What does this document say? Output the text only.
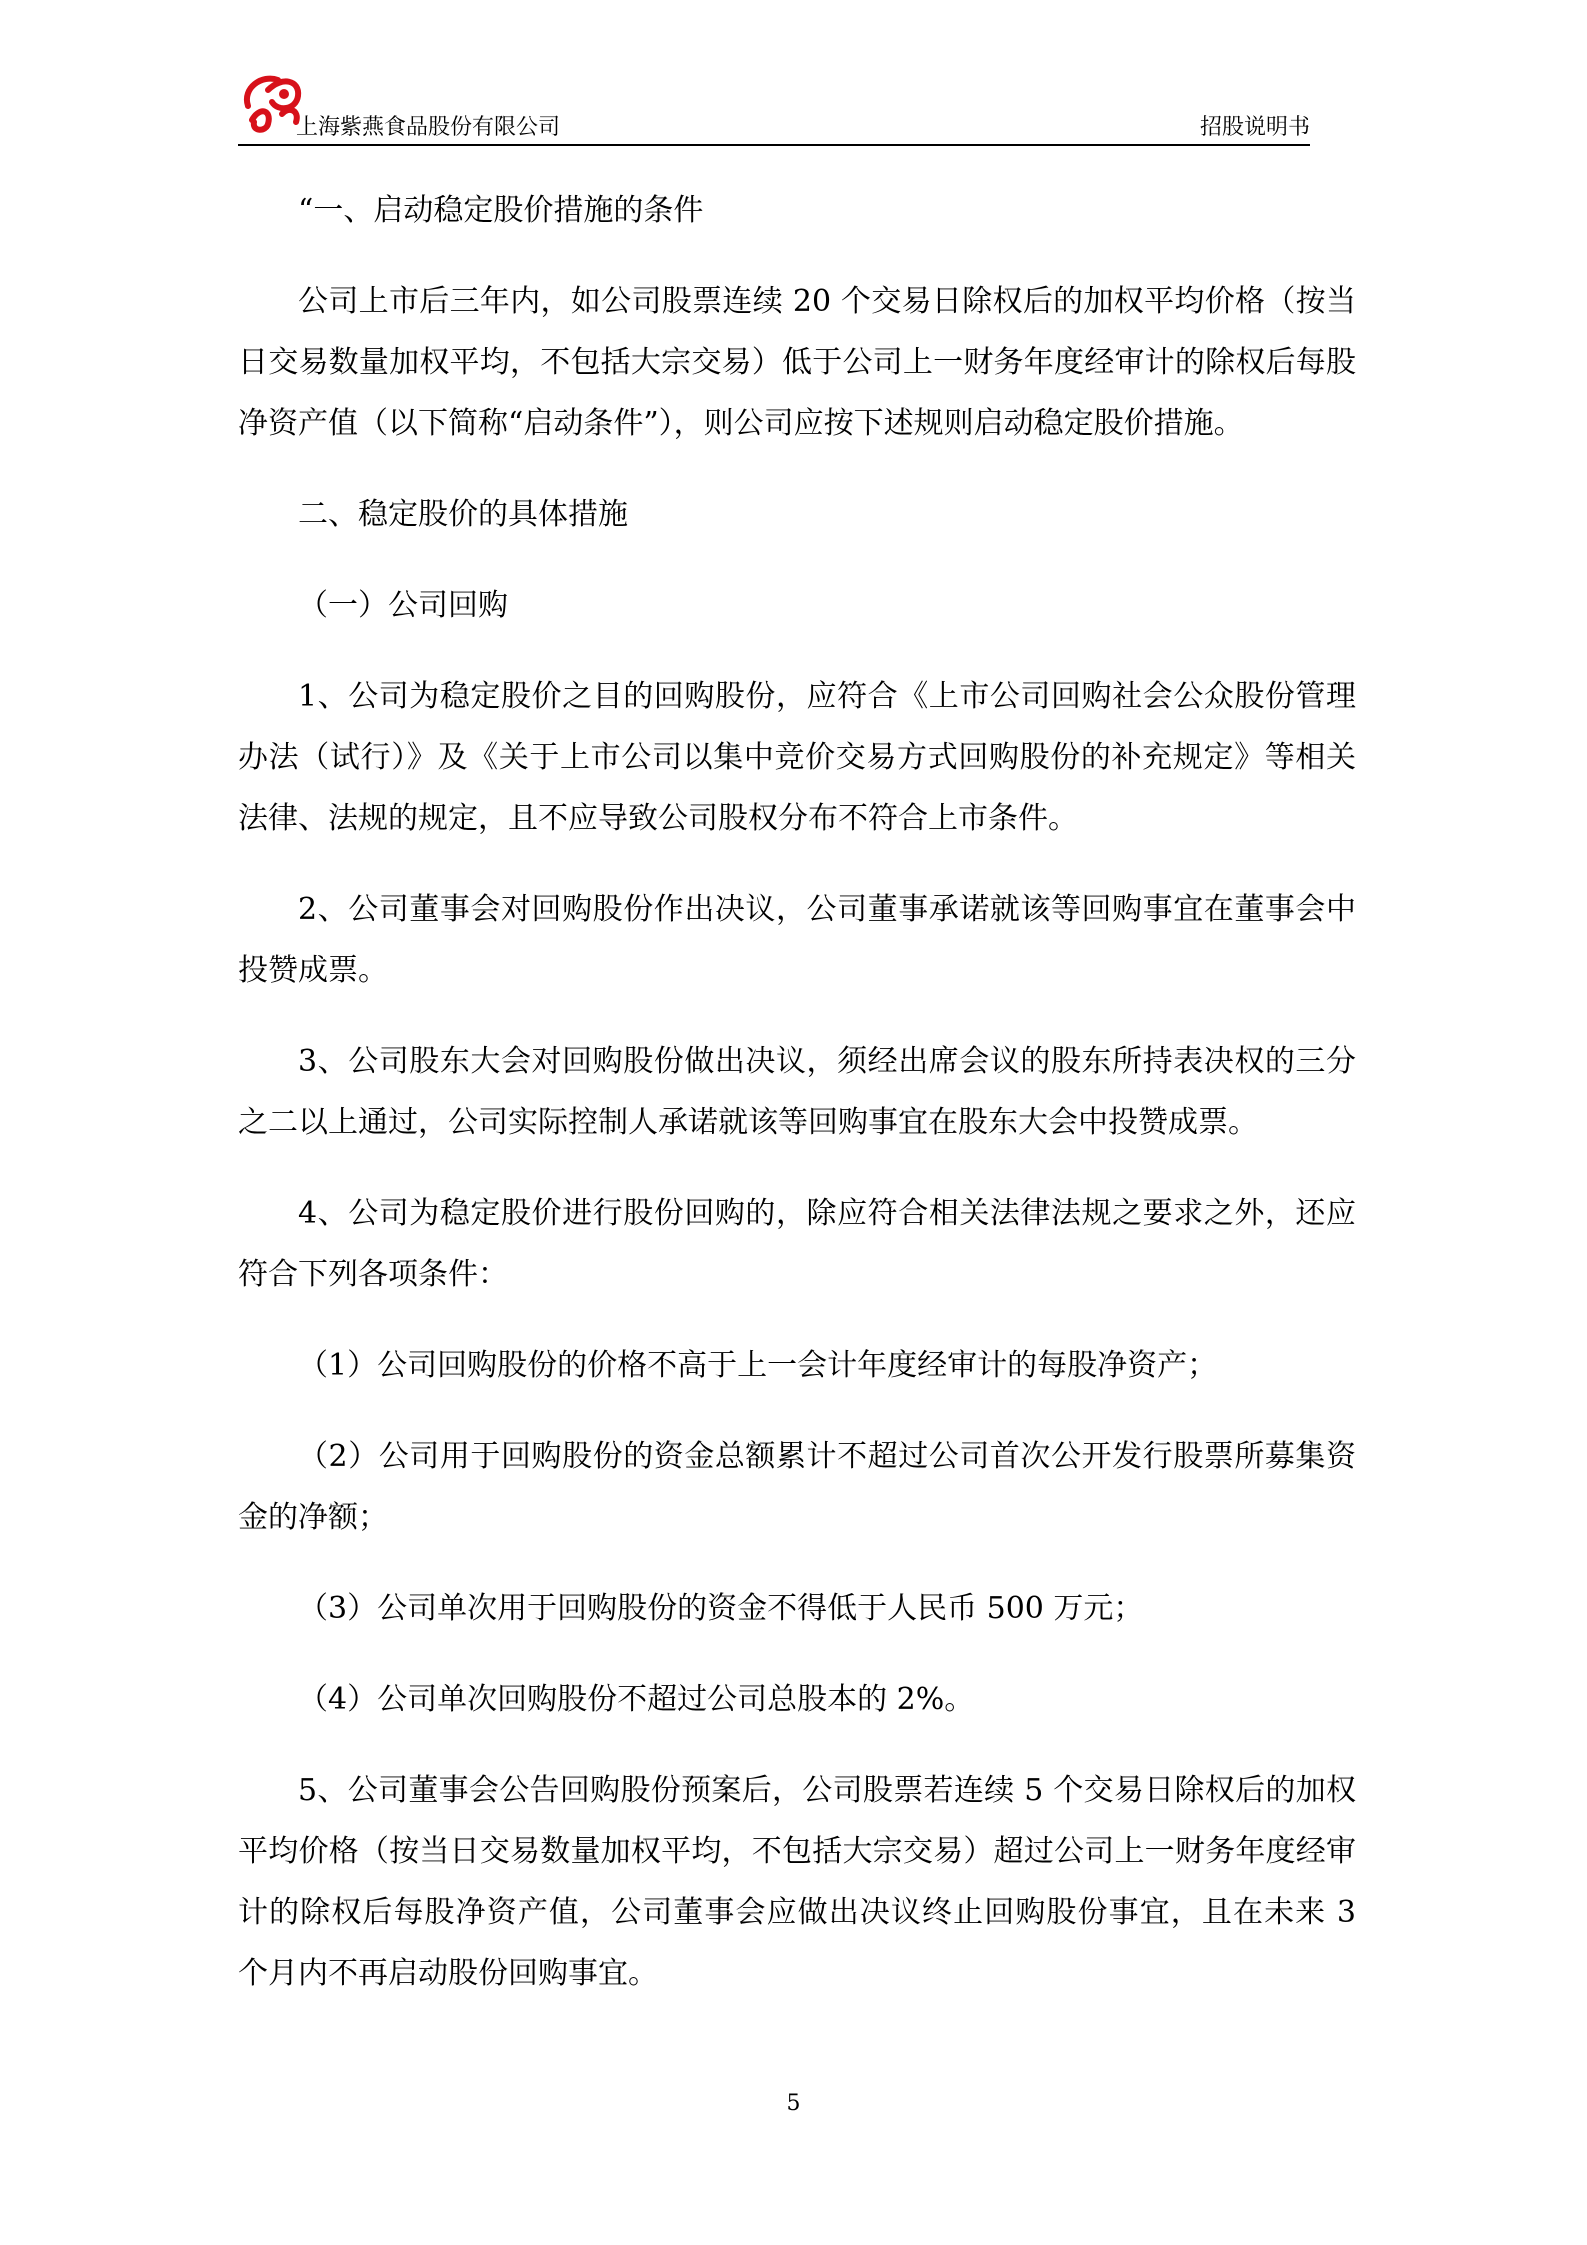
上海紫燕食品股份有限公司	招股说明书

“一、启动稳定股价措施的条件

公司上市后三年内，如公司股票连续 20 个交易日除权后的加权平均价格（按当日交易数量加权平均，不包括大宗交易）低于公司上一财务年度经审计的除权后每股净资产值（以下简称“启动条件”），则公司应按下述规则启动稳定股价措施。

二、稳定股价的具体措施

（一）公司回购

1、公司为稳定股价之目的回购股份，应符合《上市公司回购社会公众股份管理办法（试行）》及《关于上市公司以集中竞价交易方式回购股份的补充规定》等相关法律、法规的规定，且不应导致公司股权分布不符合上市条件。

2、公司董事会对回购股份作出决议，公司董事承诺就该等回购事宜在董事会中投赞成票。

3、公司股东大会对回购股份做出决议，须经出席会议的股东所持表决权的三分之二以上通过，公司实际控制人承诺就该等回购事宜在股东大会中投赞成票。

4、公司为稳定股价进行股份回购的，除应符合相关法律法规之要求之外，还应符合下列各项条件：

（1）公司回购股份的价格不高于上一会计年度经审计的每股净资产；

（2）公司用于回购股份的资金总额累计不超过公司首次公开发行股票所募集资金的净额；

（3）公司单次用于回购股份的资金不得低于人民币 500 万元；

（4）公司单次回购股份不超过公司总股本的 2%。

5、公司董事会公告回购股份预案后，公司股票若连续 5 个交易日除权后的加权平均价格（按当日交易数量加权平均，不包括大宗交易）超过公司上一财务年度经审计的除权后每股净资产值，公司董事会应做出决议终止回购股份事宜，且在未来 3 个月内不再启动股份回购事宜。

5
